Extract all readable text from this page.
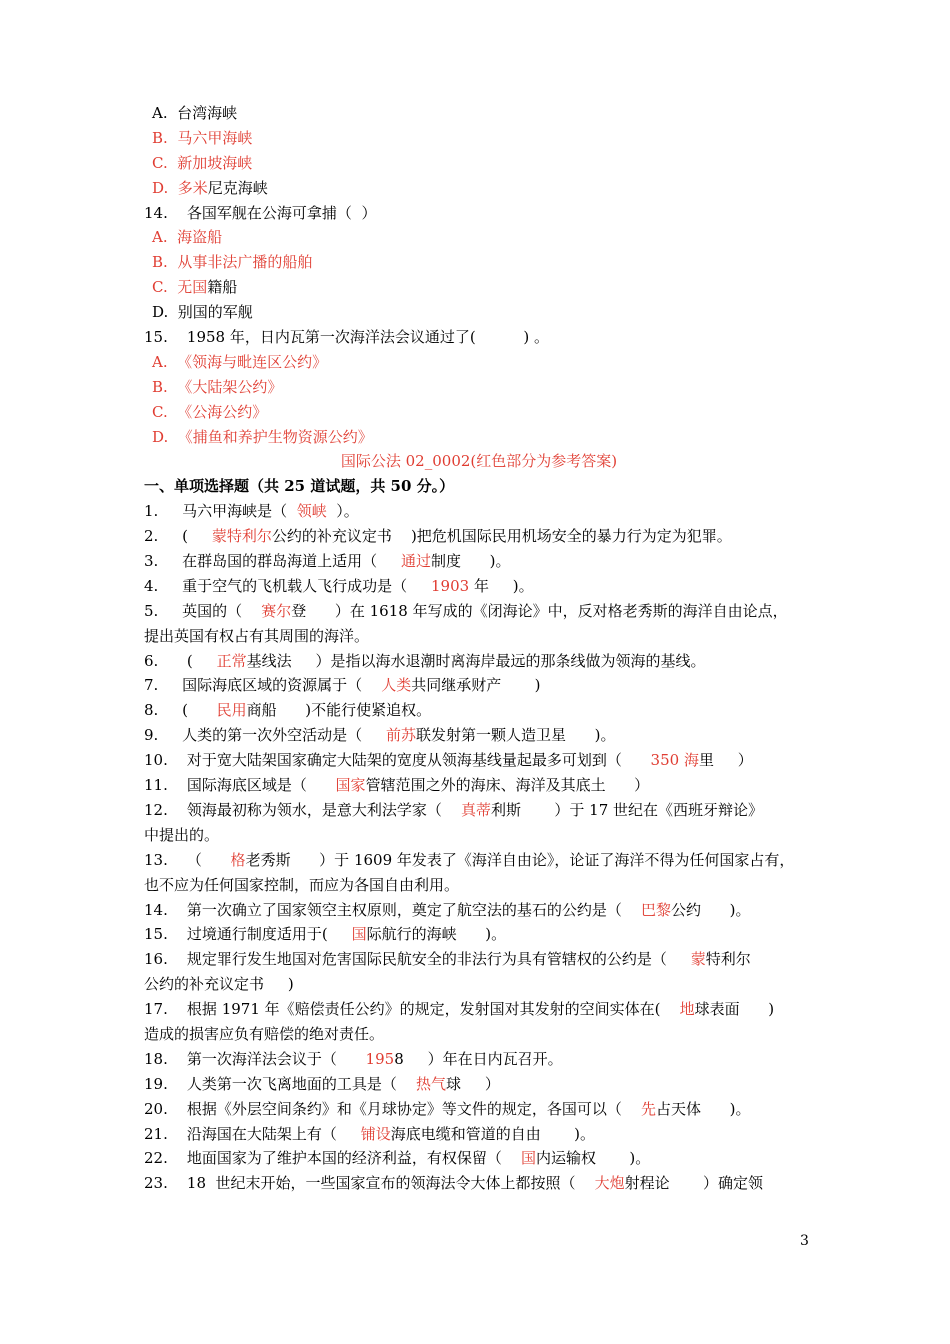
A.  台湾海峡
B.  马六甲海峡
C.  新加坡海峡
D.  多米尼克海峡
14.    各国军舰在公海可拿捕（  ）
A.  海盗船
B.  从事非法广播的船舶
C.  无国籍船
D.  别国的军舰
15.    1958 年，日内瓦第一次海洋法会议通过了(          ) 。
A.  《领海与毗连区公约》
B.  《大陆架公约》
C.  《公海公约》
D.  《捕鱼和养护生物资源公约》
国际公法 02_0002(红色部分为参考答案)
一、单项选择题（共 25 道试题，共 50 分。）
1.     马六甲海峡是（  领峡  ）。
2.     (     蒙特利尔公约的补充议定书    )把危机国际民用机场安全的暴力行为定为犯罪。
3.     在群岛国的群岛海道上适用（     通过制度      )。
4.     重于空气的飞机载人飞行成功是（     1903 年     )。
5.     英国的（    赛尔登      ）在 1618 年写成的《闭海论》中，反对格老秀斯的海洋自由论点，
提出英国有权占有其周围的海洋。
6.      (     正常基线法     ）是指以海水退潮时离海岸最远的那条线做为领海的基线。
7.     国际海底区域的资源属于（    人类共同继承财产       )
8.     (      民用商船      )不能行使紧追权。
9.     人类的第一次外空活动是（     前苏联发射第一颗人造卫星      )。
10.    对于宽大陆架国家确定大陆架的宽度从领海基线量起最多可划到（      350 海里     ）
11.    国际海底区域是（      国家管辖范围之外的海床、海洋及其底土      ）
12.    领海最初称为领水，是意大利法学家（    真蒂利斯       ）于 17 世纪在《西班牙辩论》
中提出的。
13.    （      格老秀斯      ）于 1609 年发表了《海洋自由论》，论证了海洋不得为任何国家占有，
也不应为任何国家控制，而应为各国自由利用。
14.    第一次确立了国家领空主权原则，奠定了航空法的基石的公约是（    巴黎公约      )。
15.    过境通行制度适用于(     国际航行的海峡      )。
16.    规定罪行发生地国对危害国际民航安全的非法行为具有管辖权的公约是（     蒙特利尔
公约的补充议定书     )
17.    根据 1971 年《赔偿责任公约》的规定，发射国对其发射的空间实体在(    地球表面      )
造成的损害应负有赔偿的绝对责任。
18.    第一次海洋法会议于（      1958     ）年在日内瓦召开。
19.    人类第一次飞离地面的工具是（    热气球     ）
20.    根据《外层空间条约》和《月球协定》等文件的规定，各国可以（    先占天体      )。
21.    沿海国在大陆架上有（     铺设海底电缆和管道的自由       )。
22.    地面国家为了维护本国的经济利益，有权保留（    国内运输权       )。
23.    18  世纪末开始，一些国家宣布的领海法令大体上都按照（    大炮射程论       ）确定领
3
